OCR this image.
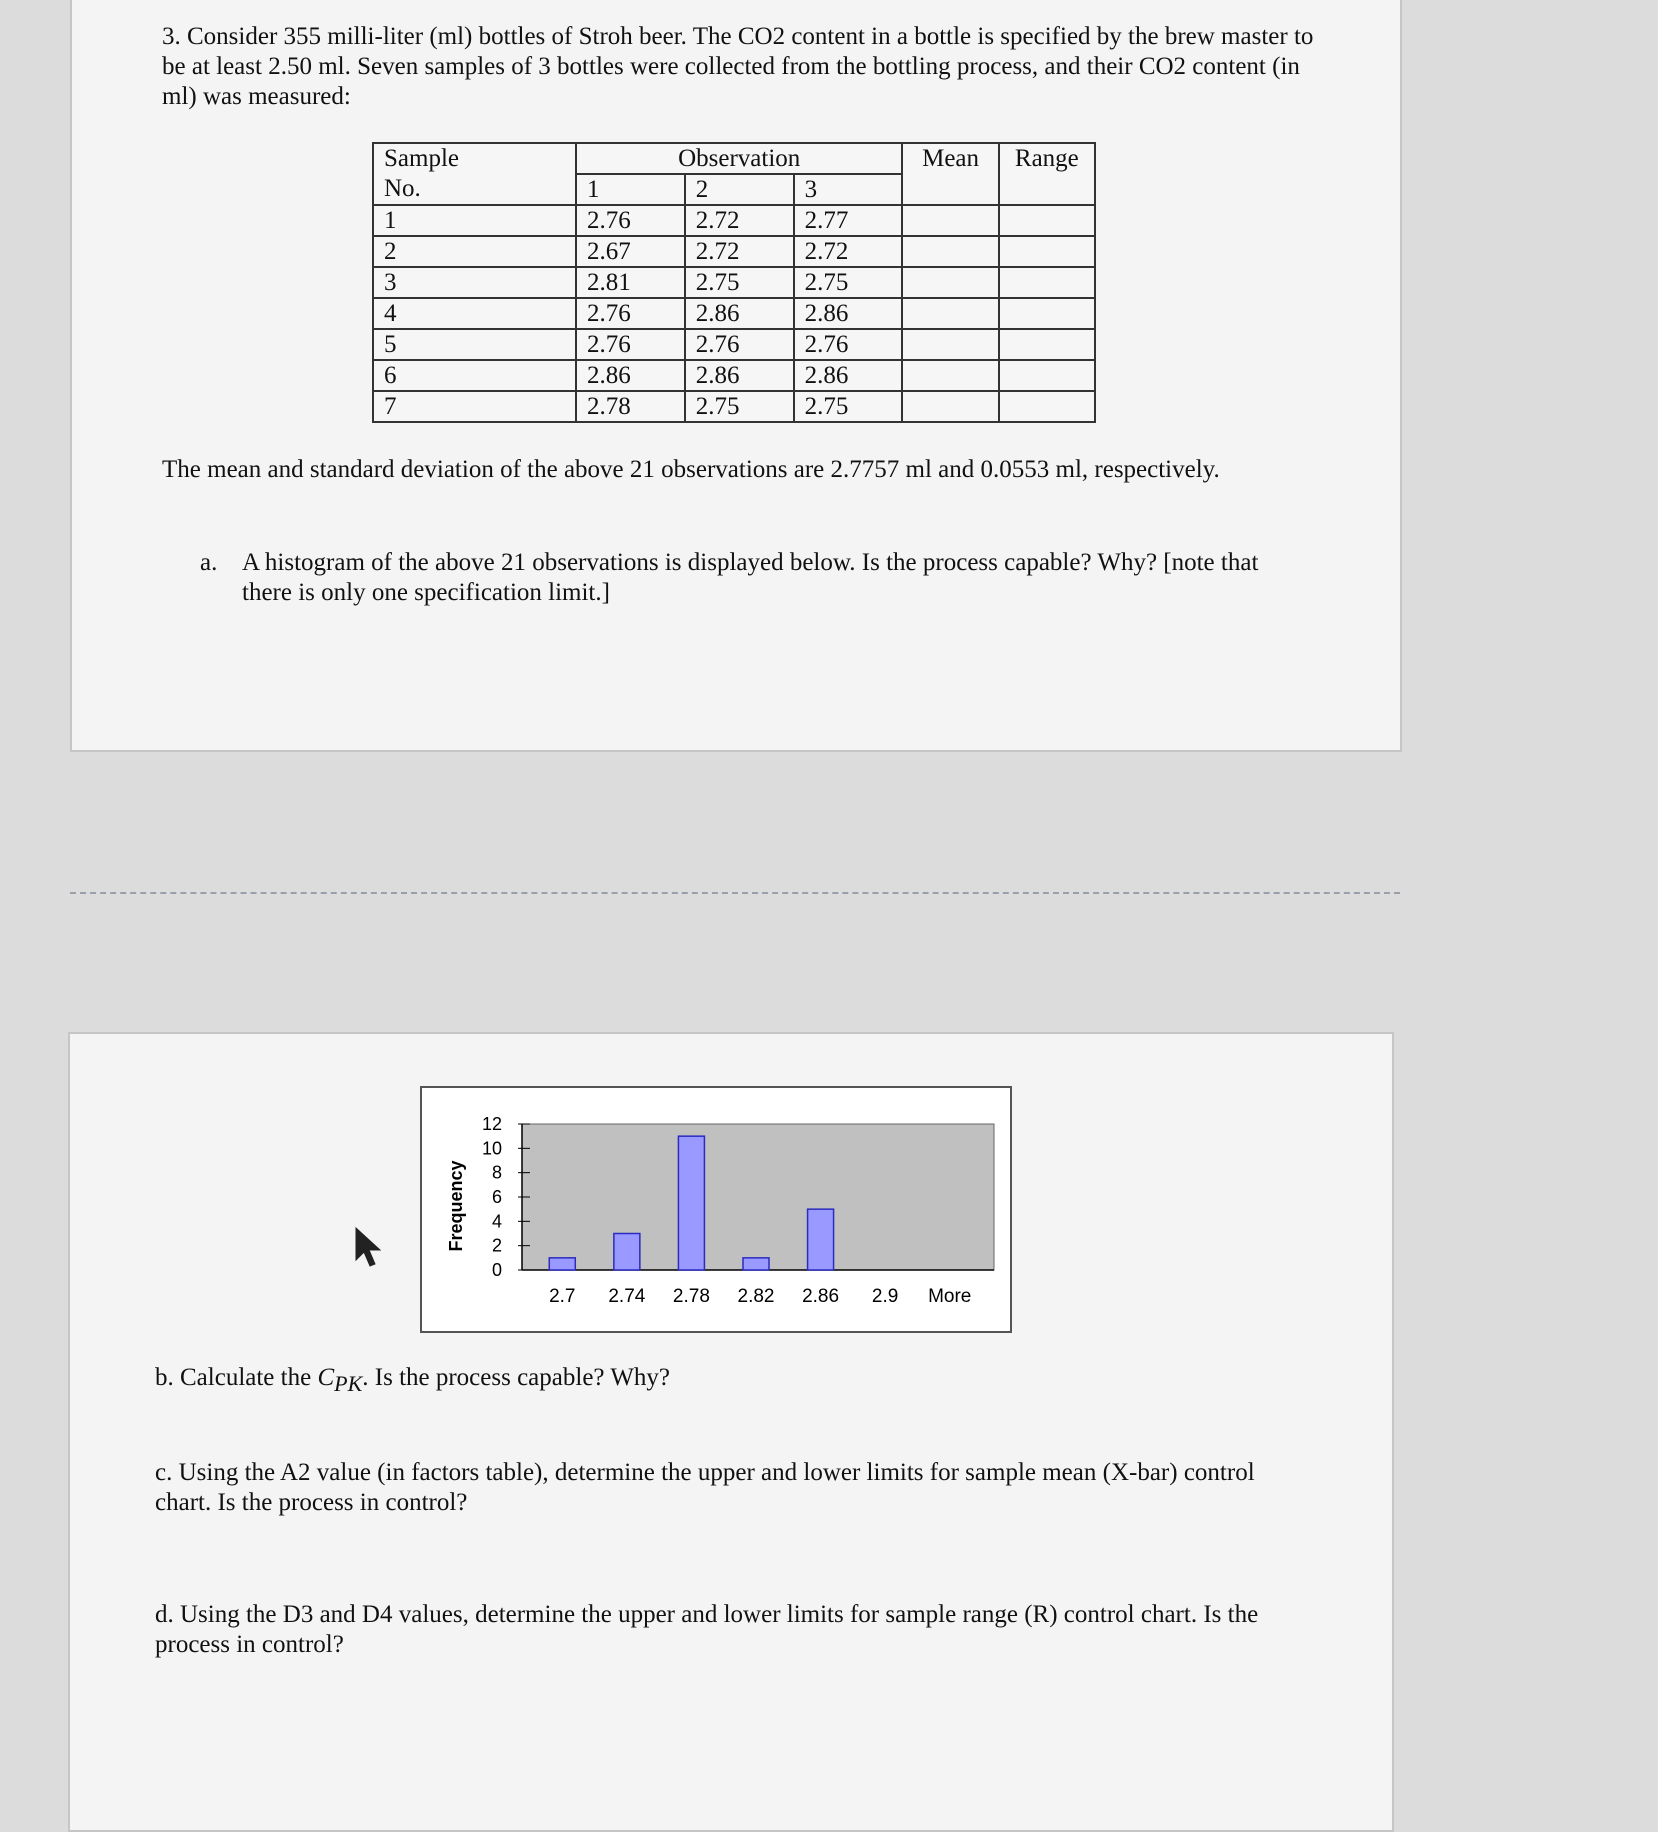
3. Consider 355 milli-liter (ml) bottles of Stroh beer. The CO2 content in a bottle is specified by the brew master to be at least 2.50 ml. Seven samples of 3 bottles were collected from the bottling process, and their CO2 content (in ml) was measured:
Sample	Observation			Mean	Range
No.	1	2	3		
1	2.76	2.72	2.77		
2	2.67	2.72	2.72		
3	2.81	2.75	2.75		
4	2.76	2.86	2.86		
5	2.76	2.76	2.76		
6	2.86	2.86	2.86		
7	2.78	2.75	2.75		
The mean and standard deviation of the above 21 observations are 2.7757 ml and 0.0553 ml, respectively.
a. A histogram of the above 21 observations is displayed below. Is the process capable? Why? [note that there is only one specification limit.]
Frequency
0
2
4
6
8
10
12
2.7 2.74 2.78 2.82 2.86 2.9 More
b. Calculate the $C_{PK}$. Is the process capable? Why?
c. Using the A2 value (in factors table), determine the upper and lower limits for sample mean (X-bar) control chart. Is the process in control?
d. Using the D3 and D4 values, determine the upper and lower limits for sample range (R) control chart. Is the process in control?
